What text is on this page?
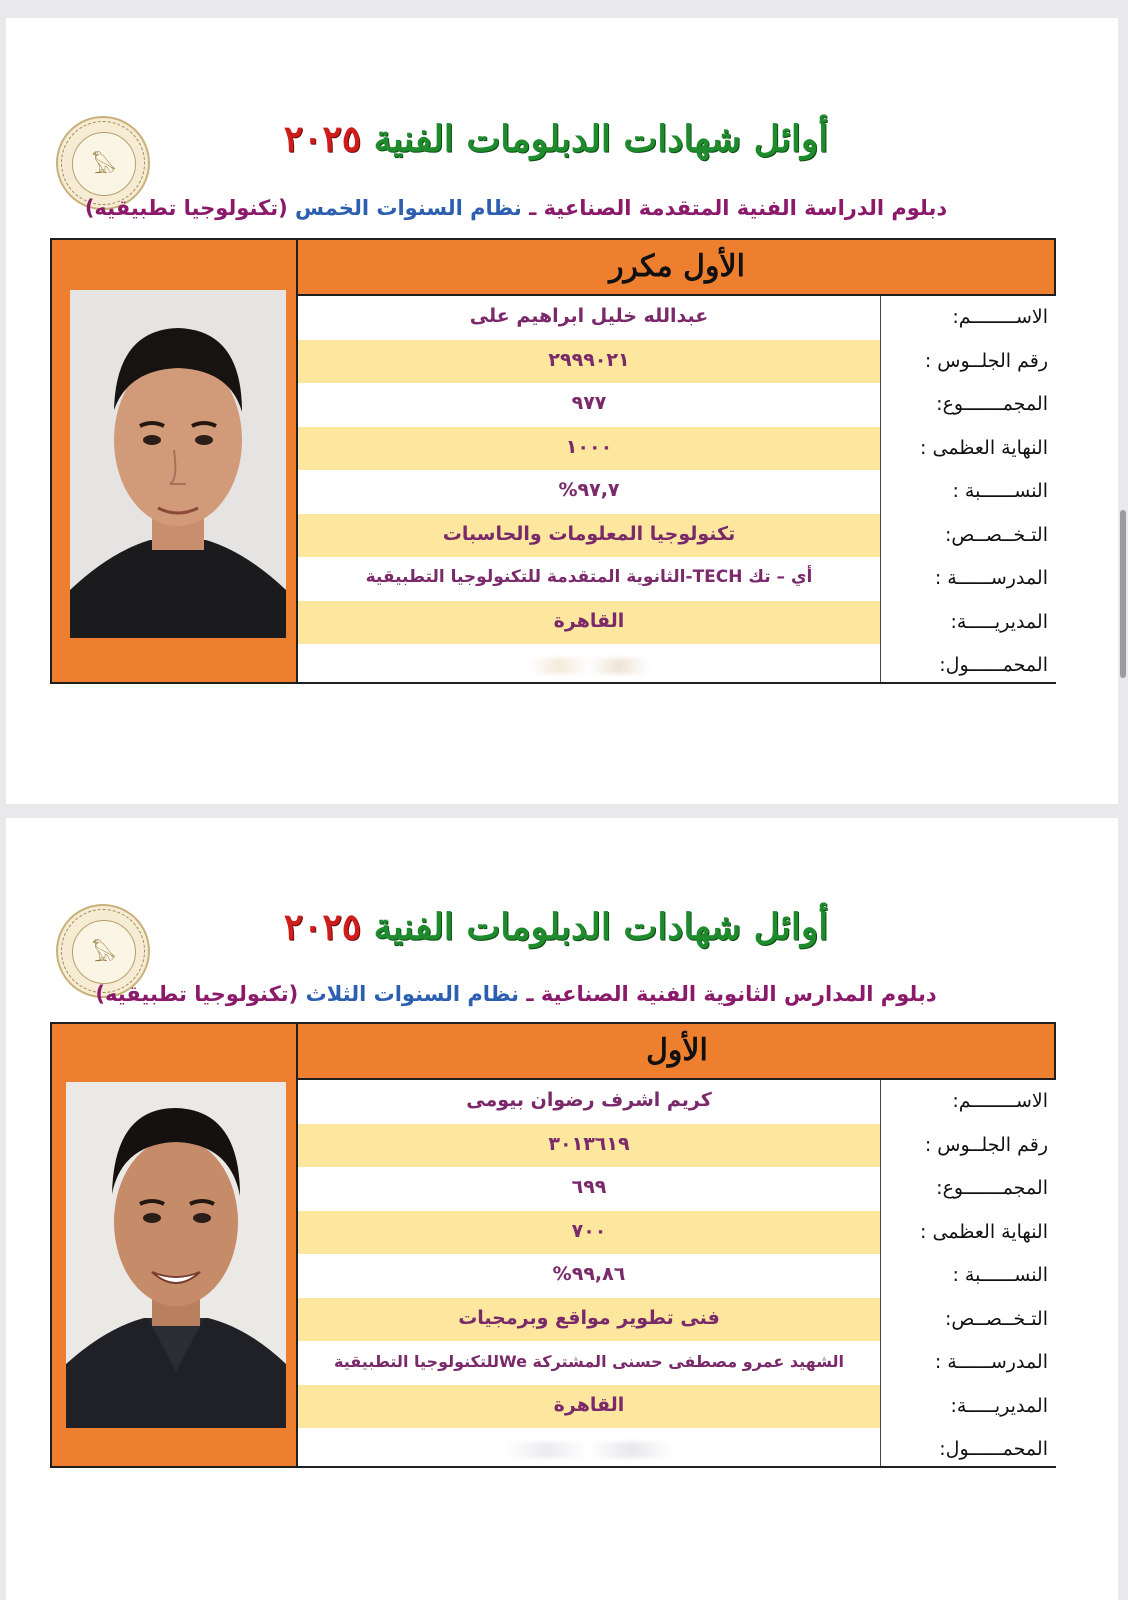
𓅃
أوائل شهادات الدبلومات الفنية ٢٠٢٥
دبلوم الدراسة الفنية المتقدمة الصناعية ـ نظام السنوات الخمس (تكنولوجيا تطبيقيه)
الأول مكرر
عبدالله خليل ابراهيم على	الاســــــــم:
٢٩٩٩٠٢١	رقم الجلــوس :
٩٧٧	المجمـــــــوع:
١٠٠٠	النهاية العظمى :
%٩٧,٧	النســــــبة :
تكنولوجيا المعلومات والحاسبات	التـخــصــص:
أي – تك TECH-الثانوية المتقدمة للتكنولوجيا التطبيقية	المدرســــــة :
القاهرة	المديريـــــة:
المحمــــــول:
𓅃
أوائل شهادات الدبلومات الفنية ٢٠٢٥
دبلوم المدارس الثانوية الفنية الصناعية ـ نظام السنوات الثلاث (تكنولوجيا تطبيقيه)
الأول
كريم اشرف رضوان بيومى	الاســــــــم:
٣٠١٣٦١٩	رقم الجلــوس :
٦٩٩	المجمـــــــوع:
٧٠٠	النهاية العظمى :
%٩٩,٨٦	النســــــبة :
فنى تطوير مواقع وبرمجيات	التـخــصــص:
الشهيد عمرو مصطفى حسنى المشتركة Weللتكنولوجيا التطبيقية	المدرســــــة :
القاهرة	المديريـــــة:
المحمــــــول:
